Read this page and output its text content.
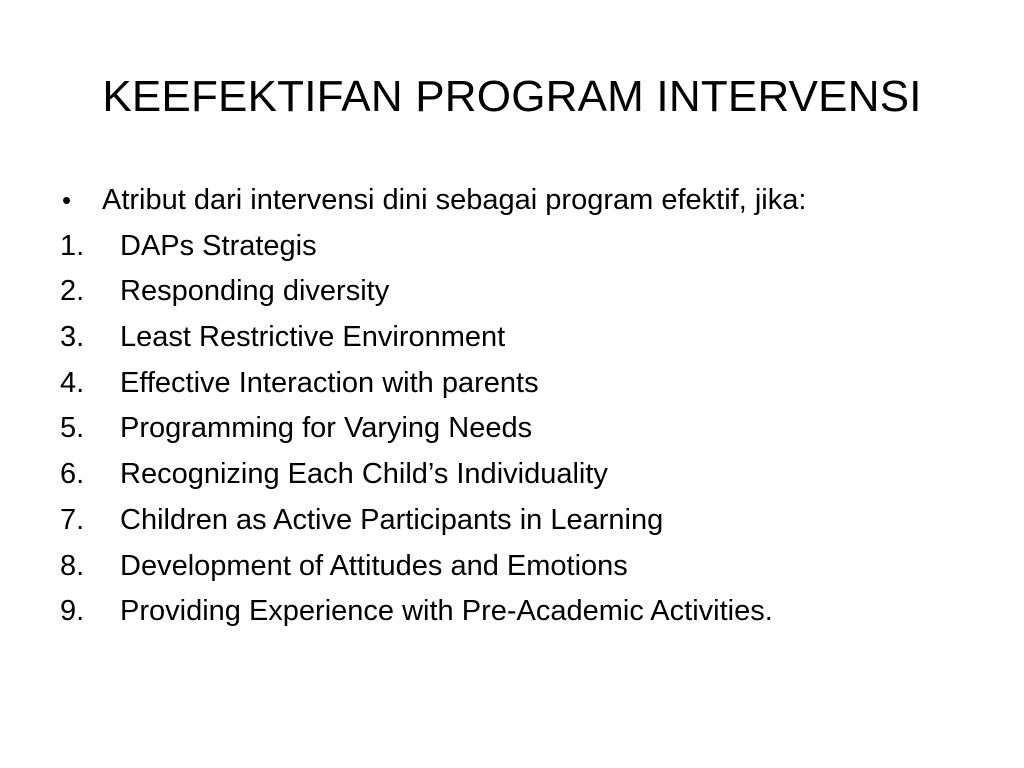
KEEFEKTIFAN PROGRAM INTERVENSI
• Atribut dari intervensi dini sebagai program efektif, jika:
1. DAPs Strategis
2. Responding diversity
3. Least Restrictive Environment
4. Effective Interaction with parents
5. Programming for Varying Needs
6. Recognizing Each Child’s Individuality
7. Children as Active Participants in Learning
8. Development of Attitudes and Emotions
9. Providing Experience with Pre-Academic Activities.
